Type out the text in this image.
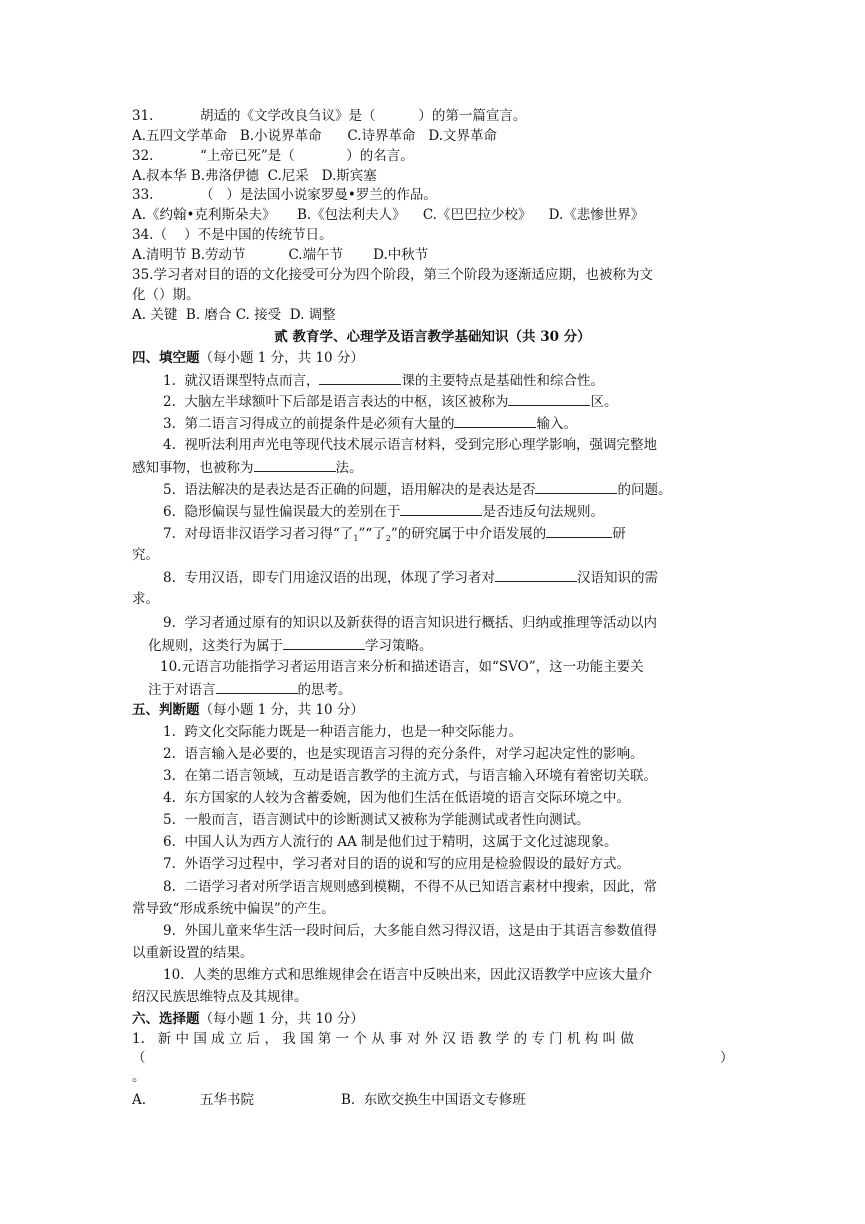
31.	胡适的《文学改良刍议》是（          ）的第一篇宣言。
A.五四文学革命   B.小说界革命      C.诗界革命   D.文界革命
32.	“上帝已死”是（            ）的名言。
A.叔本华 B.弗洛伊德  C.尼采   D.斯宾塞
33.	（   ）是法国小说家罗曼•罗兰的作品。
A.《约翰•克利斯朵夫》     B.《包法利夫人》    C.《巴巴拉少校》    D.《悲惨世界》
34.（    ）不是中国的传统节日。
A.清明节 B.劳动节          C.端午节       D.中秋节
35.学习者对目的语的文化接受可分为四个阶段，第三个阶段为逐渐适应期，也被称为文
化（）期。
A. 关键  B. 磨合 C. 接受  D. 调整
贰 教育学、心理学及语言教学基础知识（共 30 分）
四、填空题（每小题 1 分，共 10 分）
1.  就汉语课型特点而言，	课的主要特点是基础性和综合性。
2.  大脑左半球额叶下后部是语言表达的中枢，该区被称为	区。
3.  第二语言习得成立的前提条件是必须有大量的	输入。
4.  视听法利用声光电等现代技术展示语言材料，受到完形心理学影响，强调完整地
感知事物，也被称为	法。
5.  语法解决的是表达是否正确的问题，语用解决的是表达是否	的问题。
6.  隐形偏误与显性偏误最大的差别在于	是否违反句法规则。
7.  对母语非汉语学习者习得“了$_1$”“了$_2$”的研究属于中介语发展的	研
究。
8.  专用汉语，即专门用途汉语的出现，体现了学习者对	汉语知识的需
求。
9.  学习者通过原有的知识以及新获得的语言知识进行概括、归纳或推理等活动以内
化规则，这类行为属于	学习策略。
10.元语言功能指学习者运用语言来分析和描述语言，如“SVO”，这一功能主要关
注于对语言	的思考。
五、判断题（每小题 1 分，共 10 分）
1.  跨文化交际能力既是一种语言能力，也是一种交际能力。
2.  语言输入是必要的，也是实现语言习得的充分条件，对学习起决定性的影响。
3.  在第二语言领域，互动是语言教学的主流方式，与语言输入环境有着密切关联。
4.  东方国家的人较为含蓄委婉，因为他们生活在低语境的语言交际环境之中。
5.  一般而言，语言测试中的诊断测试又被称为学能测试或者性向测试。
6.  中国人认为西方人流行的 AA 制是他们过于精明，这属于文化过滤现象。
7.  外语学习过程中，学习者对目的语的说和写的应用是检验假设的最好方式。
8.  二语学习者对所学语言规则感到模糊，不得不从已知语言素材中搜索，因此，常
常导致“形成系统中偏误”的产生。
9.  外国儿童来华生活一段时间后，大多能自然习得汉语，这是由于其语言参数值得
以重新设置的结果。
10.  人类的思维方式和思维规律会在语言中反映出来，因此汉语教学中应该大量介
绍汉民族思维特点及其规律。
六、选择题（每小题 1 分，共 10 分）
1.   新 中 国 成 立 后 ， 我 国 第 一 个 从 事 对 外 汉 语 教 学 的 专 门 机 构 叫 做
（	）
。
A.	五华书院	B.  东欧交换生中国语文专修班
